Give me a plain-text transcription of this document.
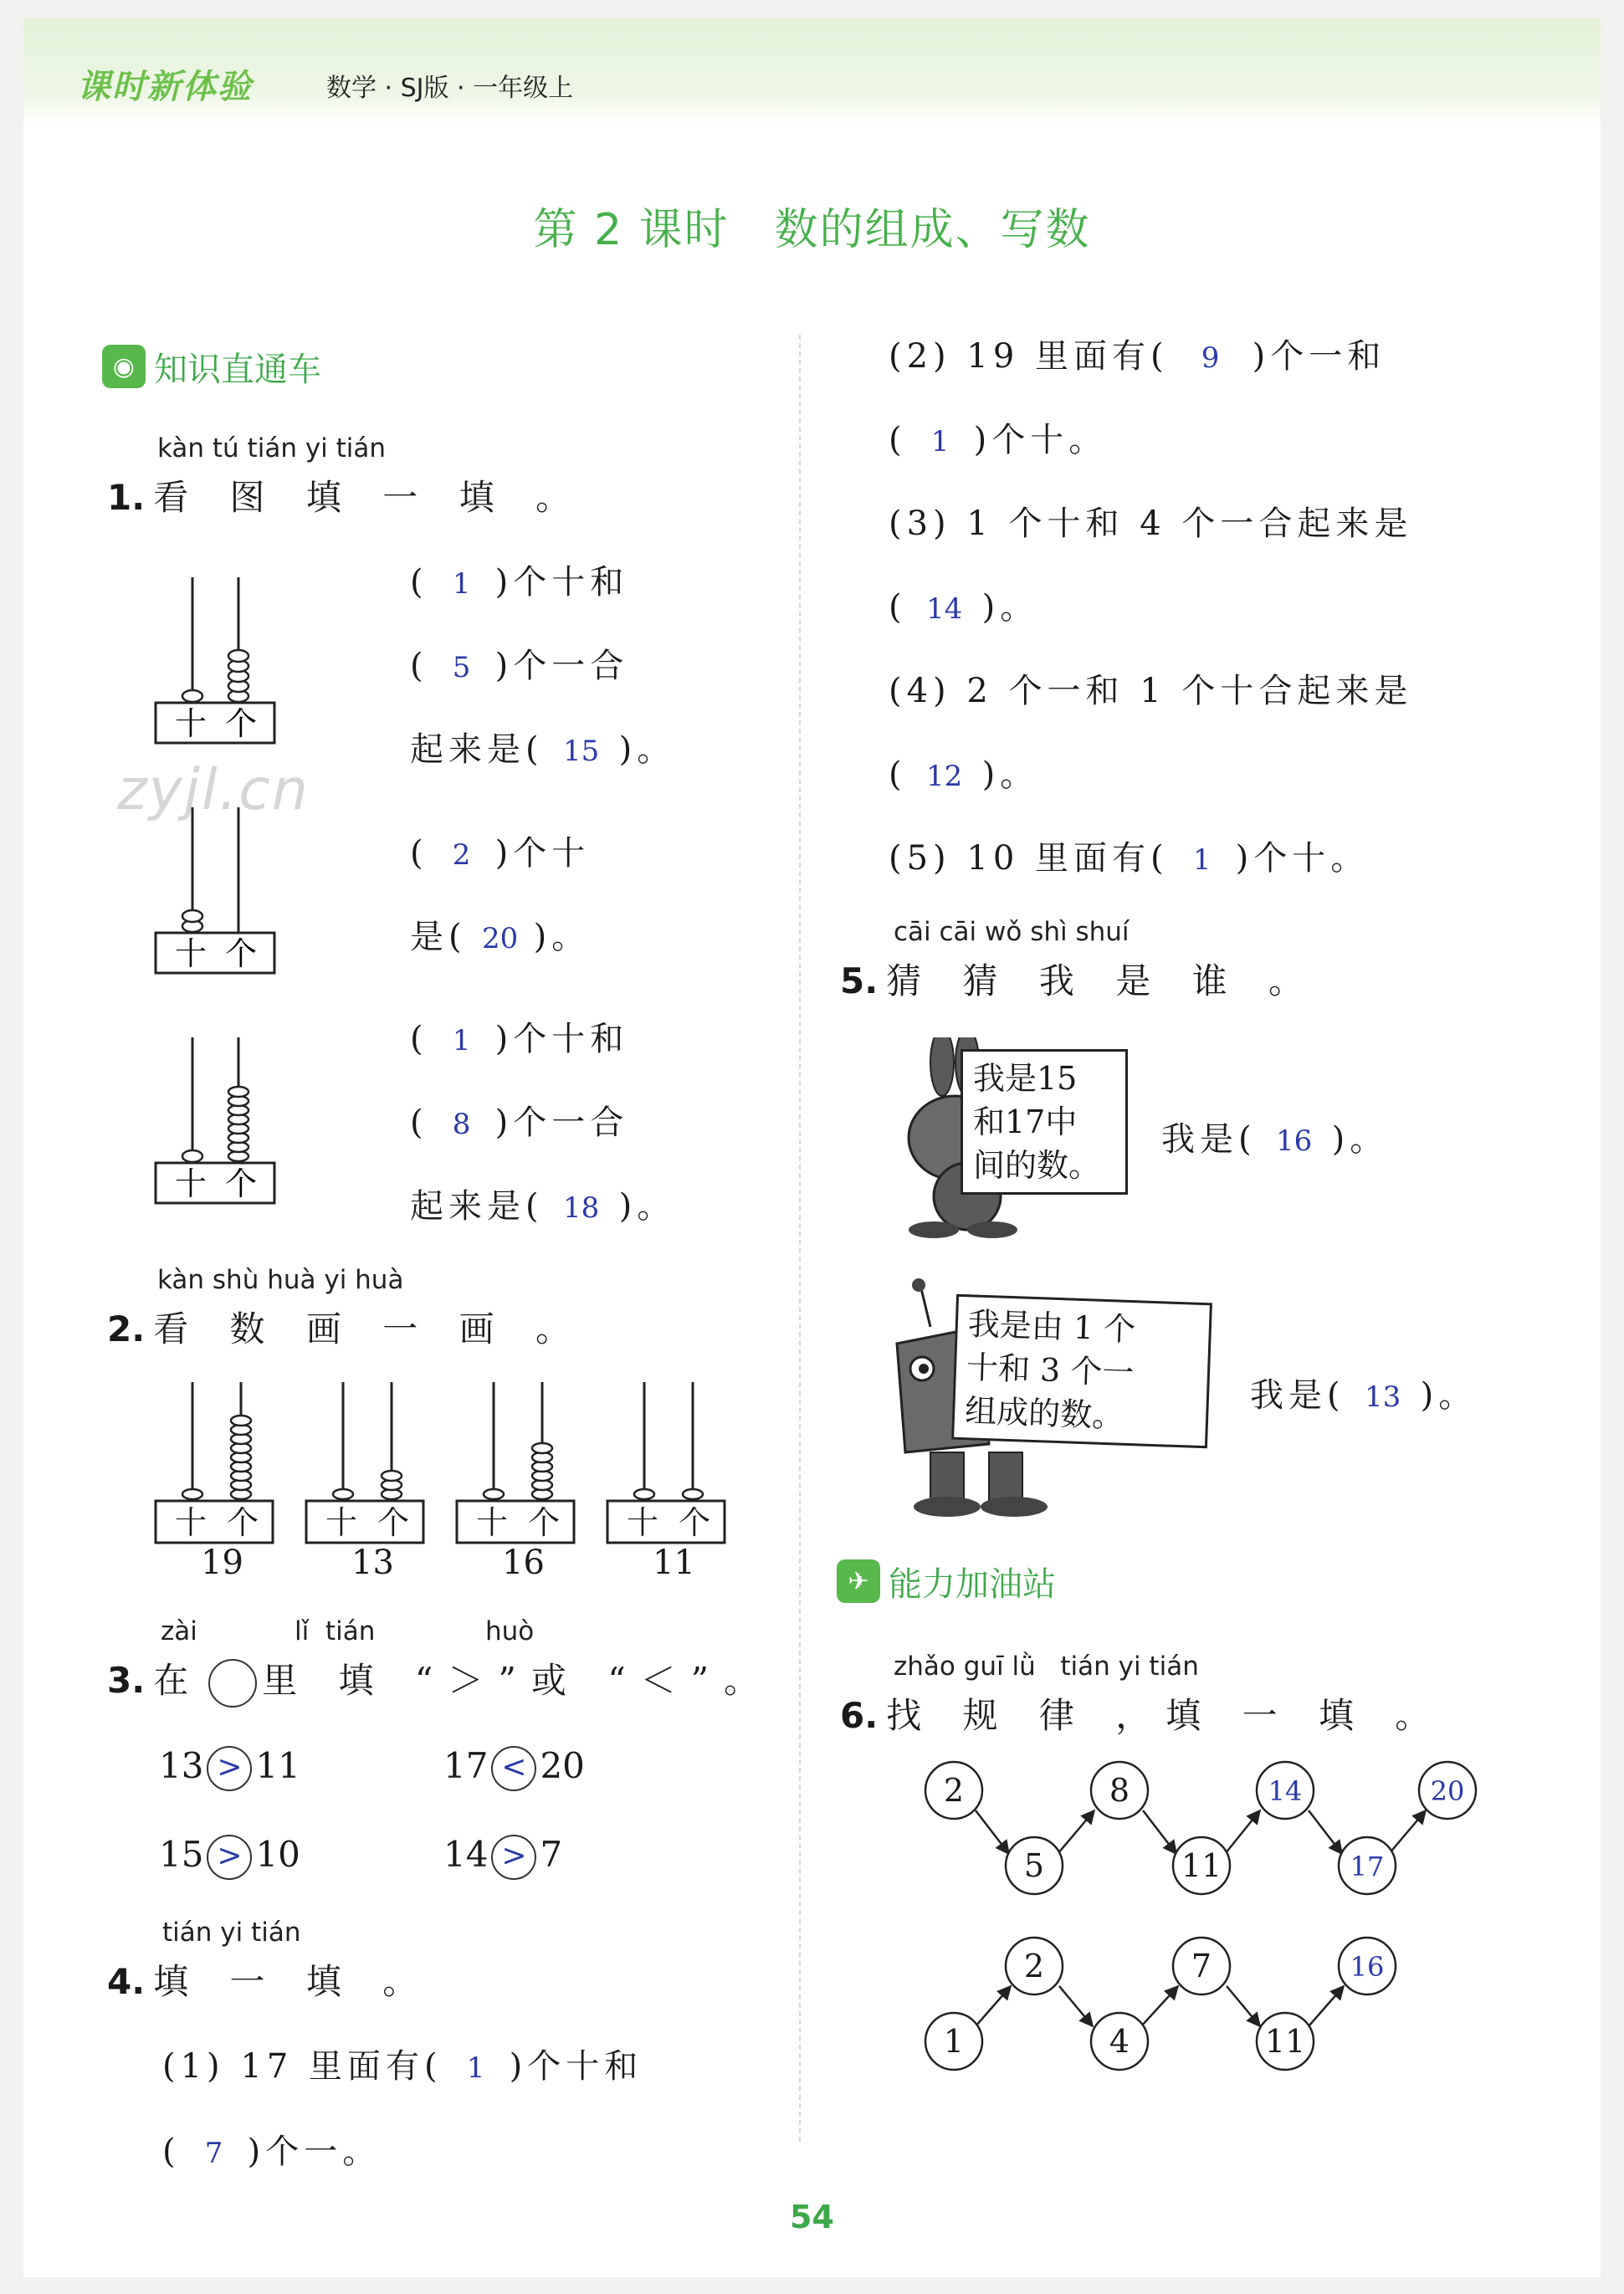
课时新体验	数学 · SJ版 · 一年级上
第 2 课时　数的组成、写数
zyjl.cn
◉ 知识直通车
kàn tú tián yi tián
1. 看 图 填 一 填 。
十 个
( 1 )个十和
( 5 )个一合
起来是( 15 )。
十 个
( 2 )个十
是( 20 )。
十 个
( 1 )个十和
( 8 )个一合
起来是( 18 )。
kàn shù huà yi huà
2. 看 数 画 一 画 。
十 个 十 个 十 个 十 个
19	13	16	11
zài	lǐ  tián	huò
3. 在 里 填 “＞”或 “＜”。
13 > 11	17 < 20
15 > 10	14 > 7
tián yi tián
4. 填 一 填 。
(1) 17 里面有( 1 )个十和
( 7 )个一。
(2) 19 里面有( 9 )个一和
( 1 )个十。
(3) 1 个十和 4 个一合起来是
( 14 )。
(4) 2 个一和 1 个十合起来是
( 12 )。
(5) 10 里面有( 1 )个十。
cāi cāi wǒ shì shuí
5. 猜 猜 我 是 谁 。
我是15
和17中
间的数。
我是( 16 )。
我是由 1 个
十和 3 个一
组成的数。	我是( 13 )。
✈ 能力加油站
zhǎo guī lǜ   tián yi tián
6. 找 规 律 ，填 一 填 。
2	8	14	20
5	11	17
2	7	16
1	4	11
54
